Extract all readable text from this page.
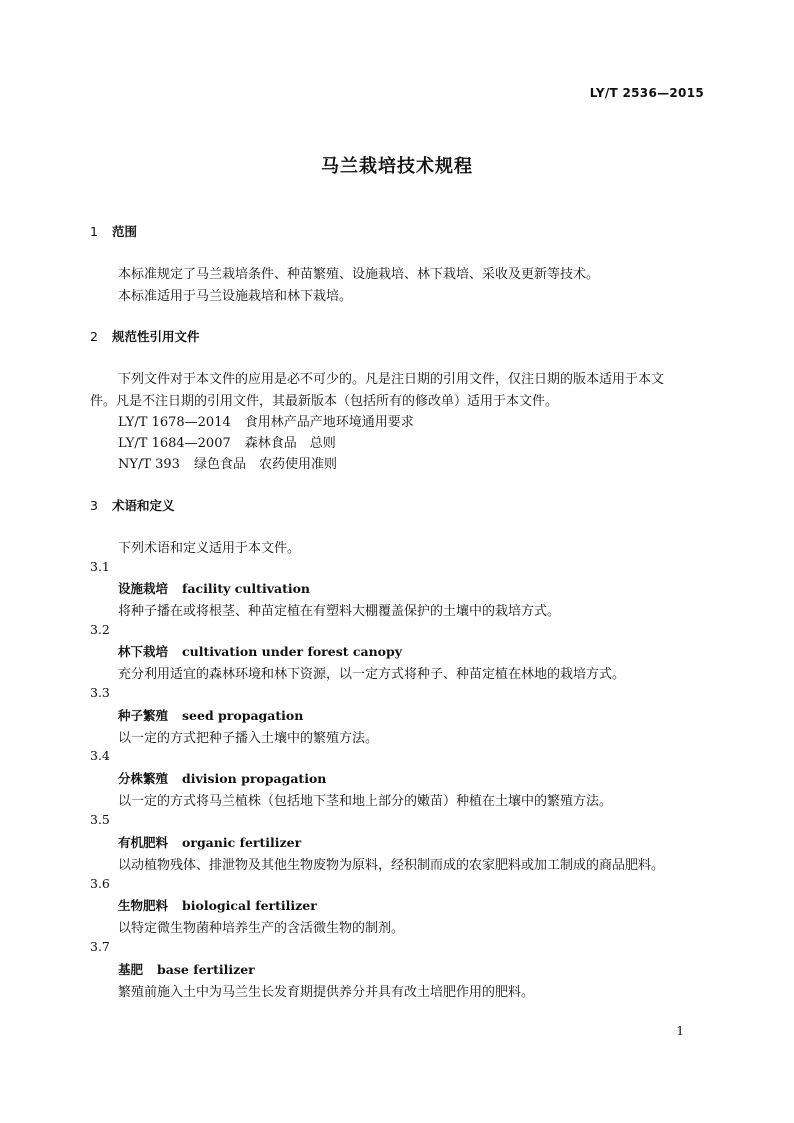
LY/T 2536—2015
马兰栽培技术规程
1 范围
本标准规定了马兰栽培条件、种苗繁殖、设施栽培、林下栽培、采收及更新等技术。
本标准适用于马兰设施栽培和林下栽培。
2 规范性引用文件
下列文件对于本文件的应用是必不可少的。凡是注日期的引用文件，仅注日期的版本适用于本文
件。凡是不注日期的引用文件，其最新版本（包括所有的修改单）适用于本文件。
LY/T 1678—2014 食用林产品产地环境通用要求
LY/T 1684—2007 森林食品　总则
NY/T 393 绿色食品　农药使用准则
3 术语和定义
下列术语和定义适用于本文件。
3.1
设施栽培 facility cultivation
将种子播在或将根茎、种苗定植在有塑料大棚覆盖保护的土壤中的栽培方式。
3.2
林下栽培 cultivation under forest canopy
充分利用适宜的森林环境和林下资源，以一定方式将种子、种苗定植在林地的栽培方式。
3.3
种子繁殖 seed propagation
以一定的方式把种子播入土壤中的繁殖方法。
3.4
分株繁殖 division propagation
以一定的方式将马兰植株（包括地下茎和地上部分的嫩苗）种植在土壤中的繁殖方法。
3.5
有机肥料 organic fertilizer
以动植物残体、排泄物及其他生物废物为原料，经积制而成的农家肥料或加工制成的商品肥料。
3.6
生物肥料 biological fertilizer
以特定微生物菌种培养生产的含活微生物的制剂。
3.7
基肥 base fertilizer
繁殖前施入土中为马兰生长发育期提供养分并具有改土培肥作用的肥料。
1
